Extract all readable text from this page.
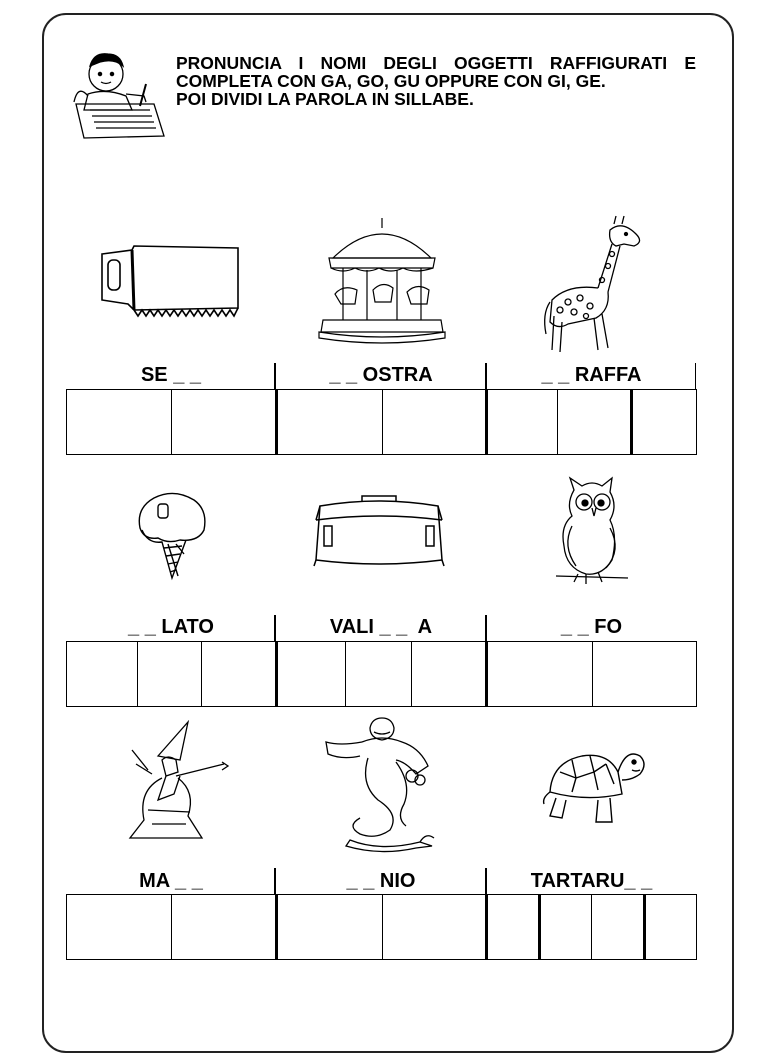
PRONUNCIA I NOMI DEGLI OGGETTI RAFFIGURATI E COMPLETA CON GA, GO, GU OPPURE CON GI, GE.

POI DIVIDI LA PAROLA IN SILLABE.

SE _ _	_ _ OSTRA	_ _ RAFFA
_ _ LATO	VALI _ _  A	_ _ FO
MA _ _	_ _ NIO	TARTARU_ _
